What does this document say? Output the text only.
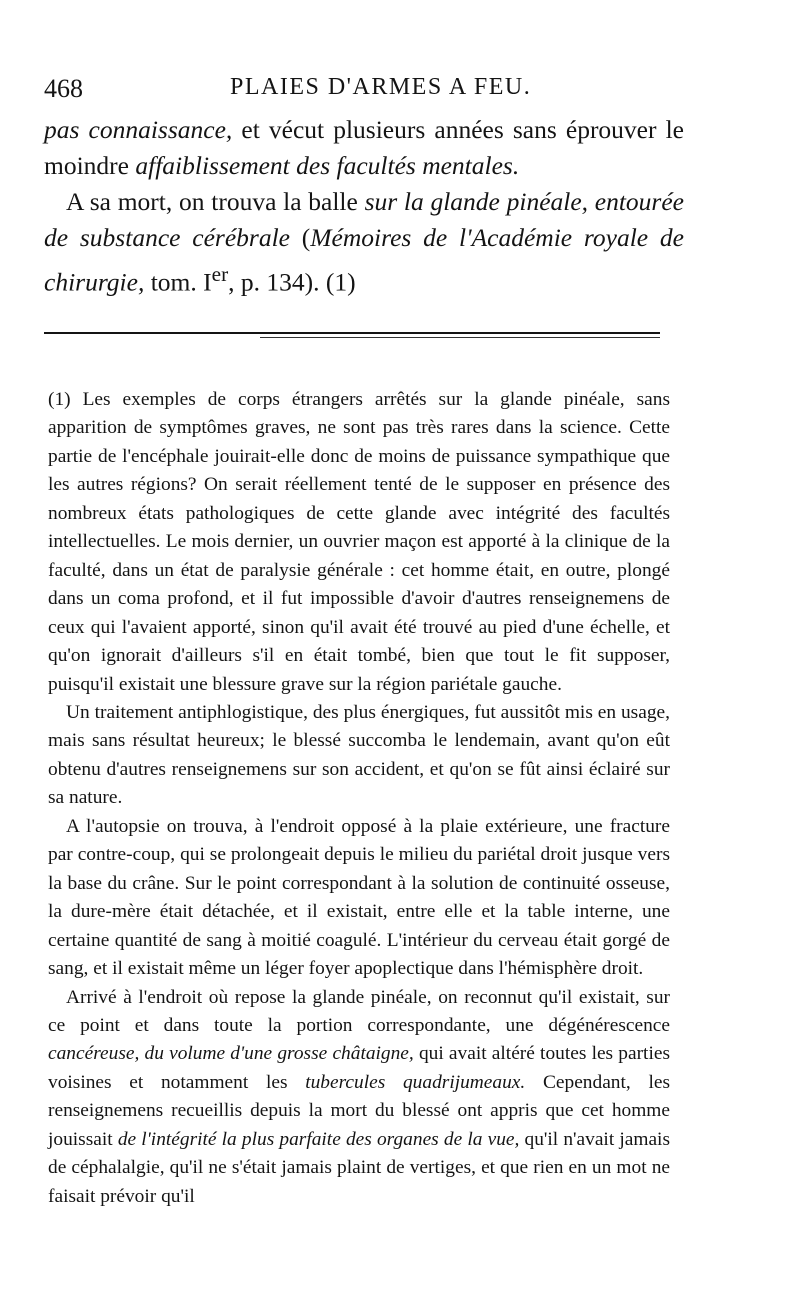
468	PLAIES D'ARMES A FEU.

pas connaissance, et vécut plusieurs années sans éprouver le moindre affaiblissement des facultés mentales.

A sa mort, on trouva la balle sur la glande pinéale, entourée de substance cérébrale (Mémoires de l'Académie royale de chirurgie, tom. Ier, p. 134). (1)

(1) Les exemples de corps étrangers arrêtés sur la glande pinéale, sans apparition de symptômes graves, ne sont pas très rares dans la science. Cette partie de l'encéphale jouirait-elle donc de moins de puissance sympathique que les autres régions? On serait réellement tenté de le supposer en présence des nombreux états pathologiques de cette glande avec intégrité des facultés intellectuelles. Le mois dernier, un ouvrier maçon est apporté à la clinique de la faculté, dans un état de paralysie générale : cet homme était, en outre, plongé dans un coma profond, et il fut impossible d'avoir d'autres renseignemens de ceux qui l'avaient apporté, sinon qu'il avait été trouvé au pied d'une échelle, et qu'on ignorait d'ailleurs s'il en était tombé, bien que tout le fit supposer, puisqu'il existait une blessure grave sur la région pariétale gauche.

Un traitement antiphlogistique, des plus énergiques, fut aussitôt mis en usage, mais sans résultat heureux; le blessé succomba le lendemain, avant qu'on eût obtenu d'autres renseignemens sur son accident, et qu'on se fût ainsi éclairé sur sa nature.

A l'autopsie on trouva, à l'endroit opposé à la plaie extérieure, une fracture par contre-coup, qui se prolongeait depuis le milieu du pariétal droit jusque vers la base du crâne. Sur le point correspondant à la solution de continuité osseuse, la dure-mère était détachée, et il existait, entre elle et la table interne, une certaine quantité de sang à moitié coagulé. L'intérieur du cerveau était gorgé de sang, et il existait même un léger foyer apoplectique dans l'hémisphère droit.

Arrivé à l'endroit où repose la glande pinéale, on reconnut qu'il existait, sur ce point et dans toute la portion correspondante, une dégénérescence cancéreuse, du volume d'une grosse châtaigne, qui avait altéré toutes les parties voisines et notamment les tubercules quadrijumeaux. Cependant, les renseignemens recueillis depuis la mort du blessé ont appris que cet homme jouissait de l'intégrité la plus parfaite des organes de la vue, qu'il n'avait jamais de céphalalgie, qu'il ne s'était jamais plaint de vertiges, et que rien en un mot ne faisait prévoir qu'il
